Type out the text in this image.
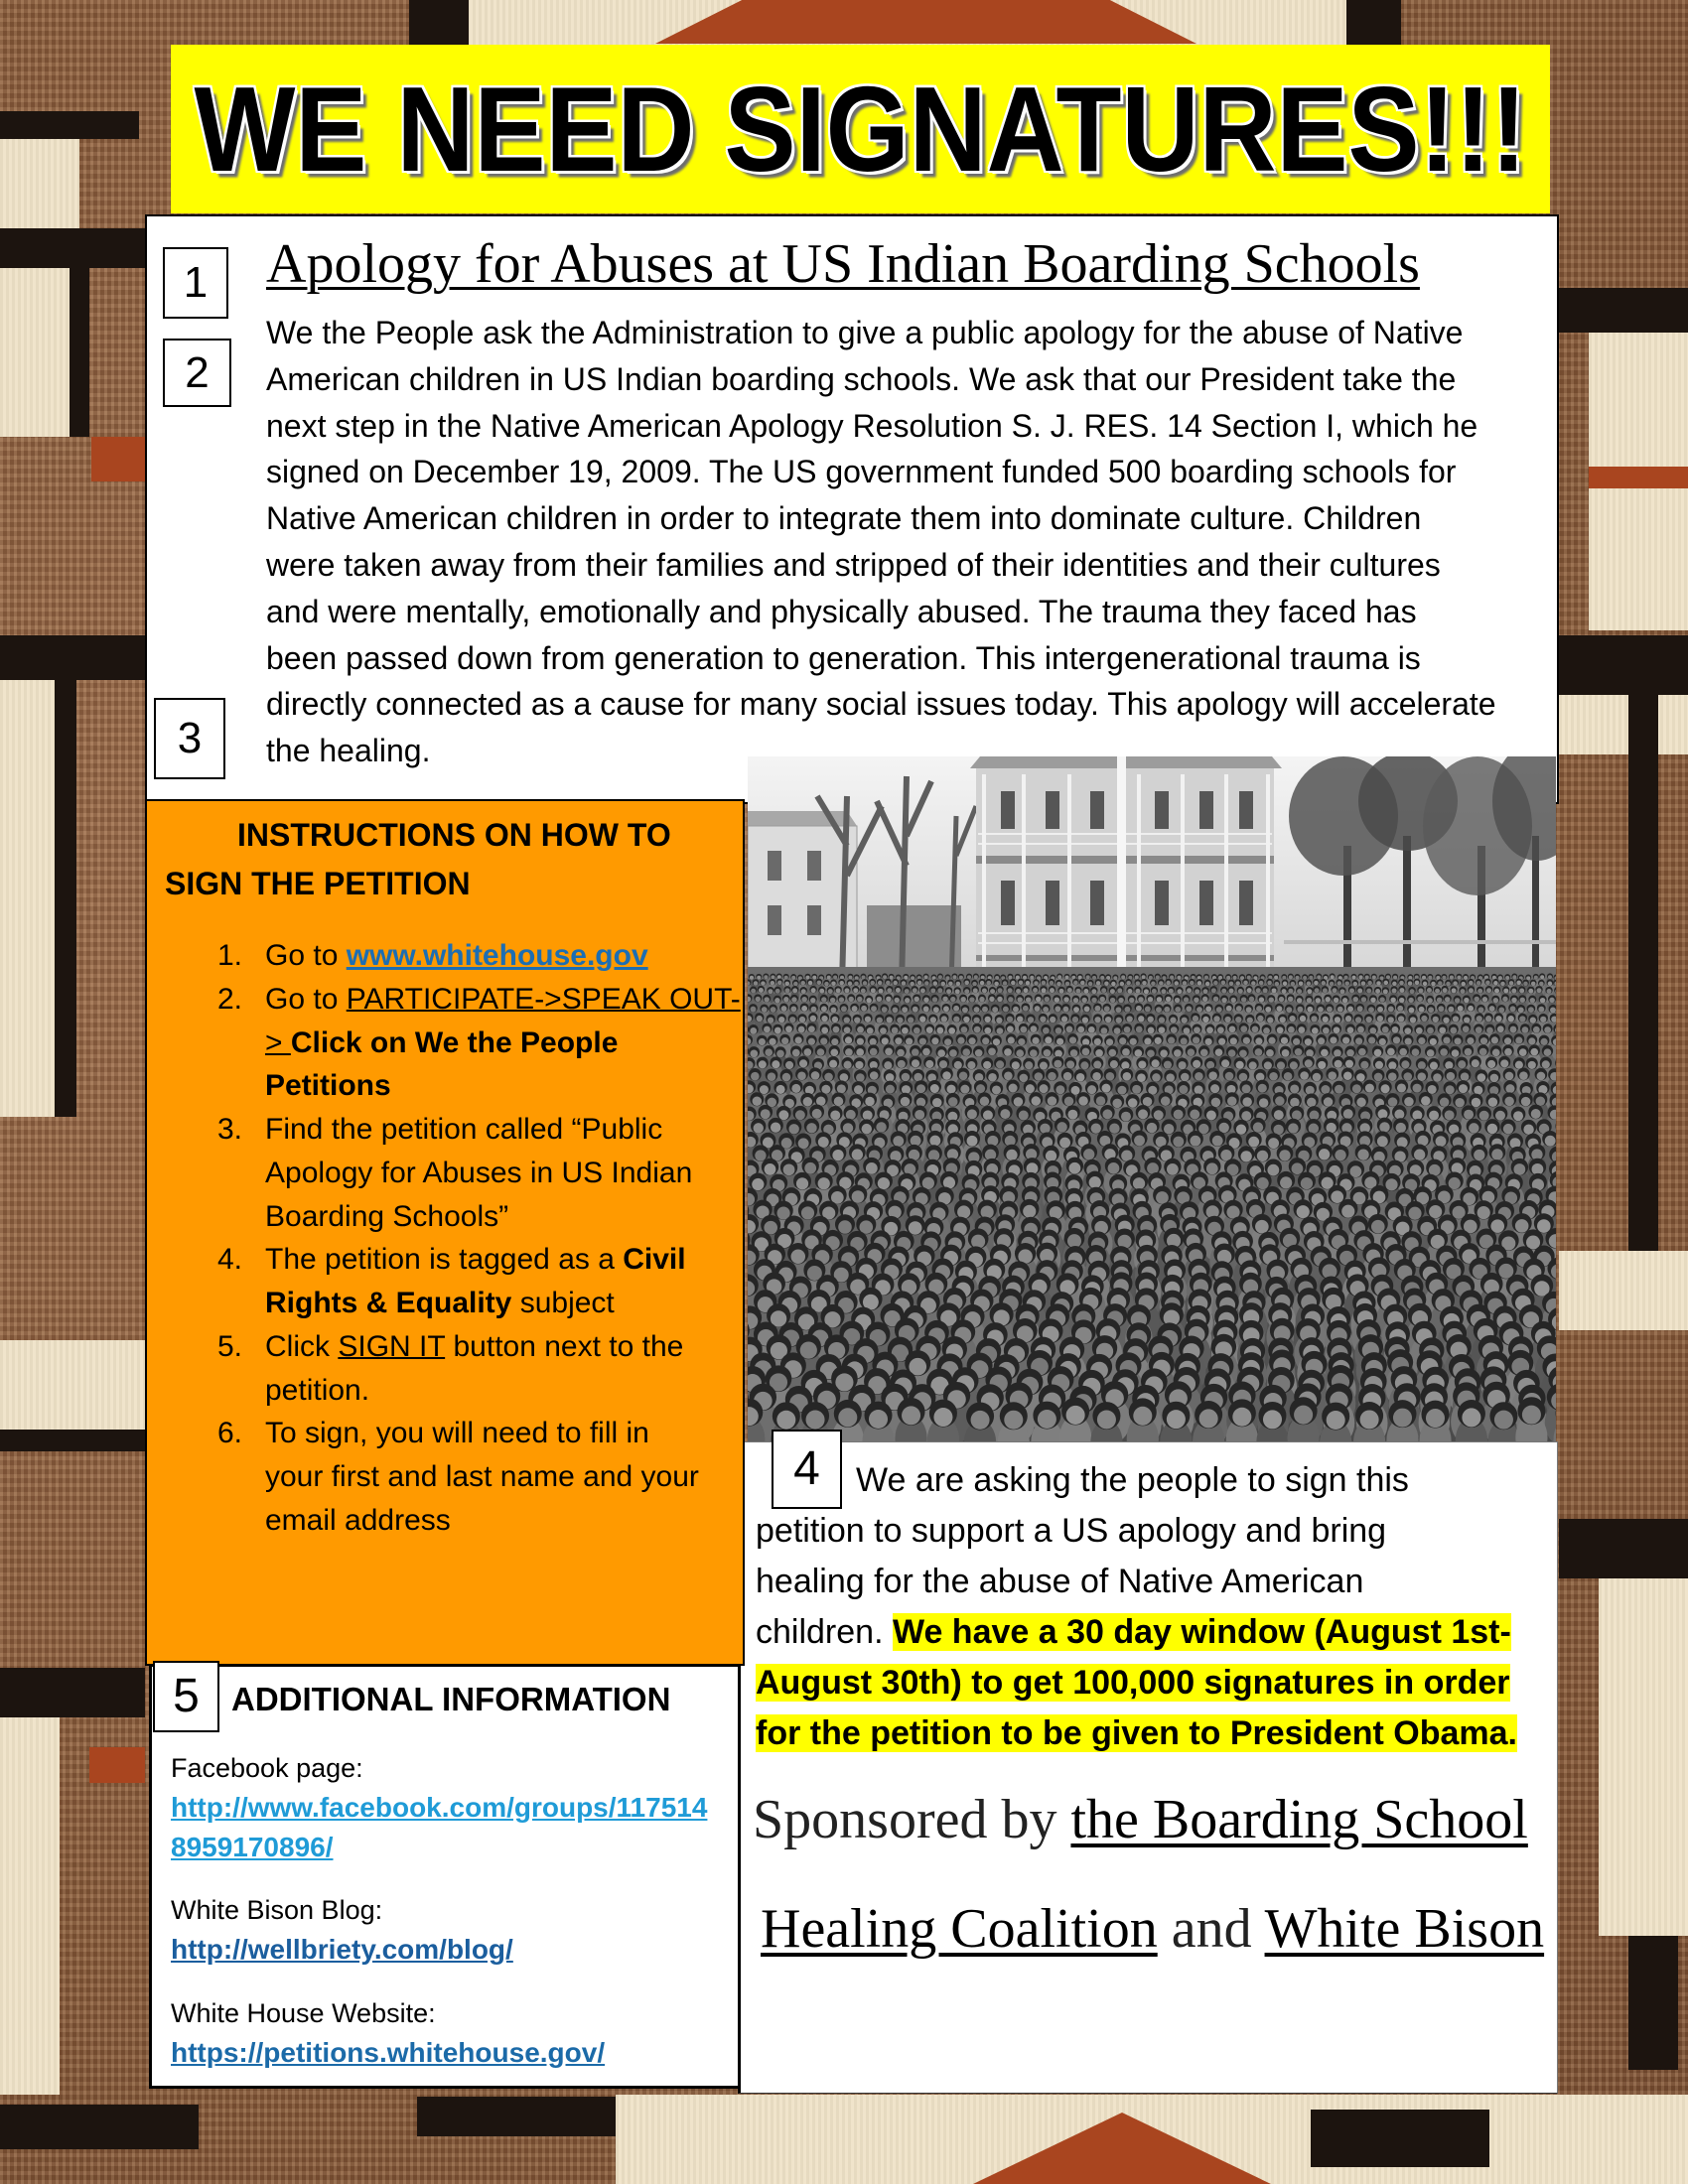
WE NEED SIGNATURES!!!
1
2
3
Apology for Abuses at US Indian Boarding Schools
We the People ask the Administration to give a public apology for the abuse of Native
American children in US Indian boarding schools. We ask that our President take the
next step in the Native American Apology Resolution S. J. RES. 14 Section I, which he
signed on December 19, 2009. The US government funded 500 boarding schools for
Native American children in order to integrate them into dominate culture. Children
were taken away from their families and stripped of their identities and their cultures
and were mentally, emotionally and physically abused. The trauma they faced has
been passed down from generation to generation. This intergenerational trauma is
directly connected as a cause for many social issues today. This apology will accelerate
the healing.
INSTRUCTIONS ON HOW TO
SIGN THE PETITION
1. Go to www.whitehouse.gov
2. Go to PARTICIPATE->SPEAK OUT-
> Click on We the People
Petitions
3. Find the petition called “Public
Apology for Abuses in US Indian
Boarding Schools”
4. The petition is tagged as a Civil
Rights & Equality subject
5. Click SIGN IT button next to the
petition.
6. To sign, you will need to fill in
your first and last name and your
email address
4	We are asking the people to sign this
petition to support a US apology and bring
healing for the abuse of Native American
children. We have a 30 day window (August 1st-
August 30th) to get 100,000 signatures in order
for the petition to be given to President Obama.
Sponsored by the Boarding School
Healing Coalition and White Bison
5 ADDITIONAL INFORMATION
Facebook page:
http://www.facebook.com/groups/117514
8959170896/
White Bison Blog:
http://wellbriety.com/blog/
White House Website:
https://petitions.whitehouse.gov/
